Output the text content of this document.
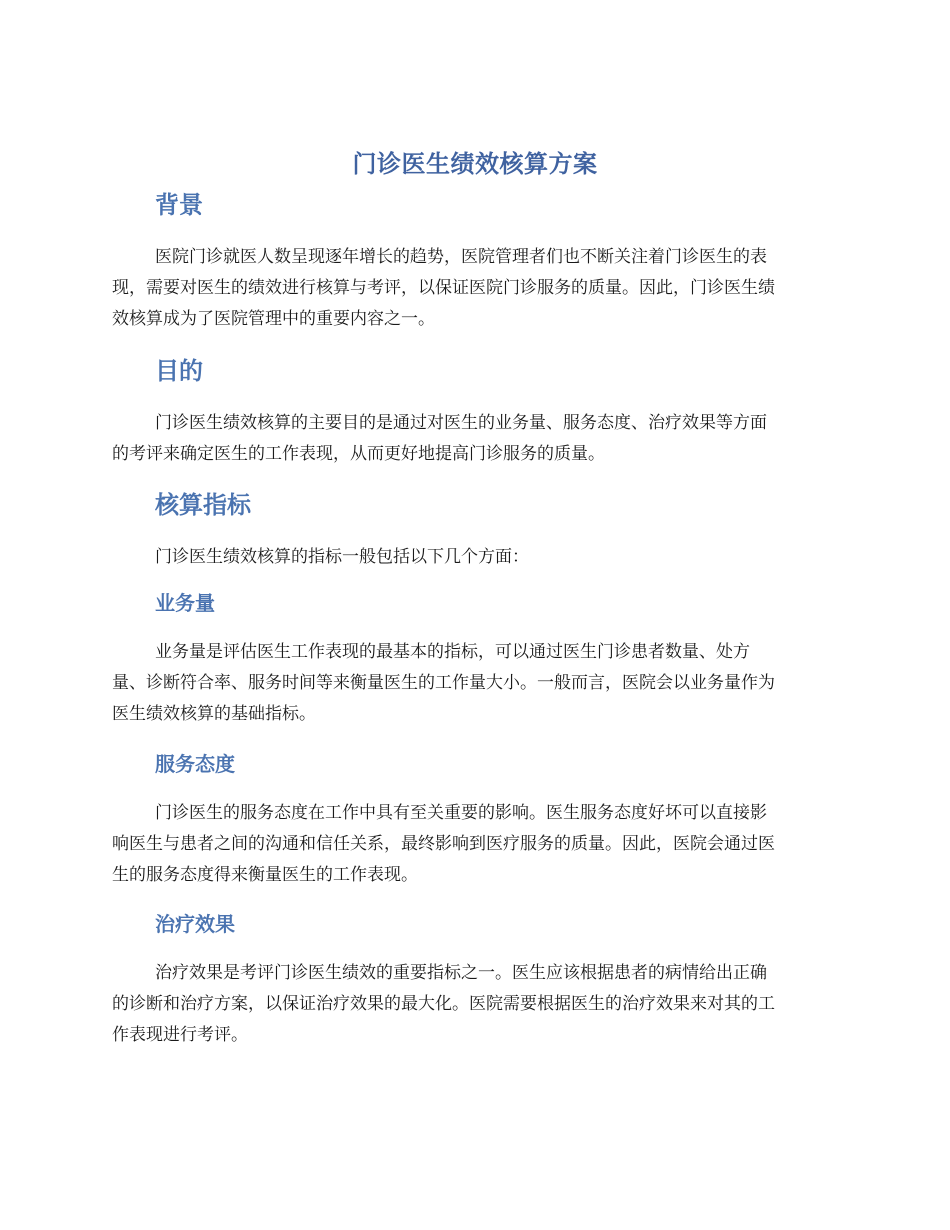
门诊医生绩效核算方案
背景
医院门诊就医人数呈现逐年增长的趋势，医院管理者们也不断关注着门诊医生的表
现，需要对医生的绩效进行核算与考评，以保证医院门诊服务的质量。因此，门诊医生绩
效核算成为了医院管理中的重要内容之一。
目的
门诊医生绩效核算的主要目的是通过对医生的业务量、服务态度、治疗效果等方面
的考评来确定医生的工作表现，从而更好地提高门诊服务的质量。
核算指标
门诊医生绩效核算的指标一般包括以下几个方面：
业务量
业务量是评估医生工作表现的最基本的指标，可以通过医生门诊患者数量、处方
量、诊断符合率、服务时间等来衡量医生的工作量大小。一般而言，医院会以业务量作为
医生绩效核算的基础指标。
服务态度
门诊医生的服务态度在工作中具有至关重要的影响。医生服务态度好坏可以直接影
响医生与患者之间的沟通和信任关系，最终影响到医疗服务的质量。因此，医院会通过医
生的服务态度得来衡量医生的工作表现。
治疗效果
治疗效果是考评门诊医生绩效的重要指标之一。医生应该根据患者的病情给出正确
的诊断和治疗方案，以保证治疗效果的最大化。医院需要根据医生的治疗效果来对其的工
作表现进行考评。
